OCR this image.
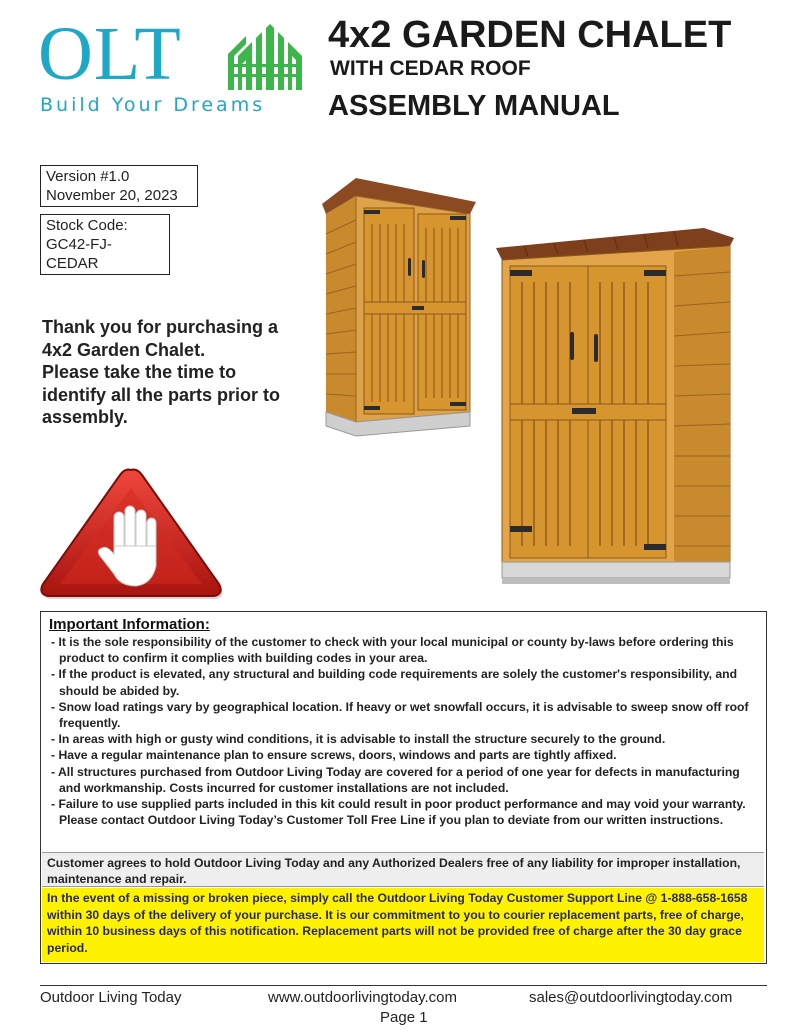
OLT
Build Your Dreams
4x2 GARDEN CHALET
WITH CEDAR ROOF
ASSEMBLY MANUAL
Version #1.0
November 20, 2023
Stock Code:
GC42-FJ-CEDAR
Thank you for purchasing a
4x2 Garden Chalet.
Please take the time to
identify all the parts prior to
assembly.
Important Information:
- It is the sole responsibility of the customer to check with your local municipal or county by-laws before ordering this product to confirm it complies with building codes in your area.
- If the product is elevated, any structural and building code requirements are solely the customer's responsibility, and should be abided by.
- Snow load ratings vary by geographical location. If heavy or wet snowfall occurs, it is advisable to sweep snow off roof frequently.
- In areas with high or gusty wind conditions, it is advisable to install the structure securely to the ground.
- Have a regular maintenance plan to ensure screws, doors, windows and parts are tightly affixed.
- All structures purchased from Outdoor Living Today are covered for a period of one year for defects in manufacturing and workmanship. Costs incurred for customer installations are not included.
- Failure to use supplied parts included in this kit could result in poor product performance and may void your warranty. Please contact Outdoor Living Today’s Customer Toll Free Line if you plan to deviate from our written instructions.
Customer agrees to hold Outdoor Living Today and any Authorized Dealers free of any liability for improper installation, maintenance and repair.
In the event of a missing or broken piece, simply call the Outdoor Living Today Customer Support Line @ 1-888-658-1658 within 30 days of the delivery of your purchase. It is our commitment to you to courier replacement parts, free of charge, within 10 business days of this notification. Replacement parts will not be provided free of charge after the 30 day grace period.
Outdoor Living Today	www.outdoorlivingtoday.com	sales@outdoorlivingtoday.com
Page 1
